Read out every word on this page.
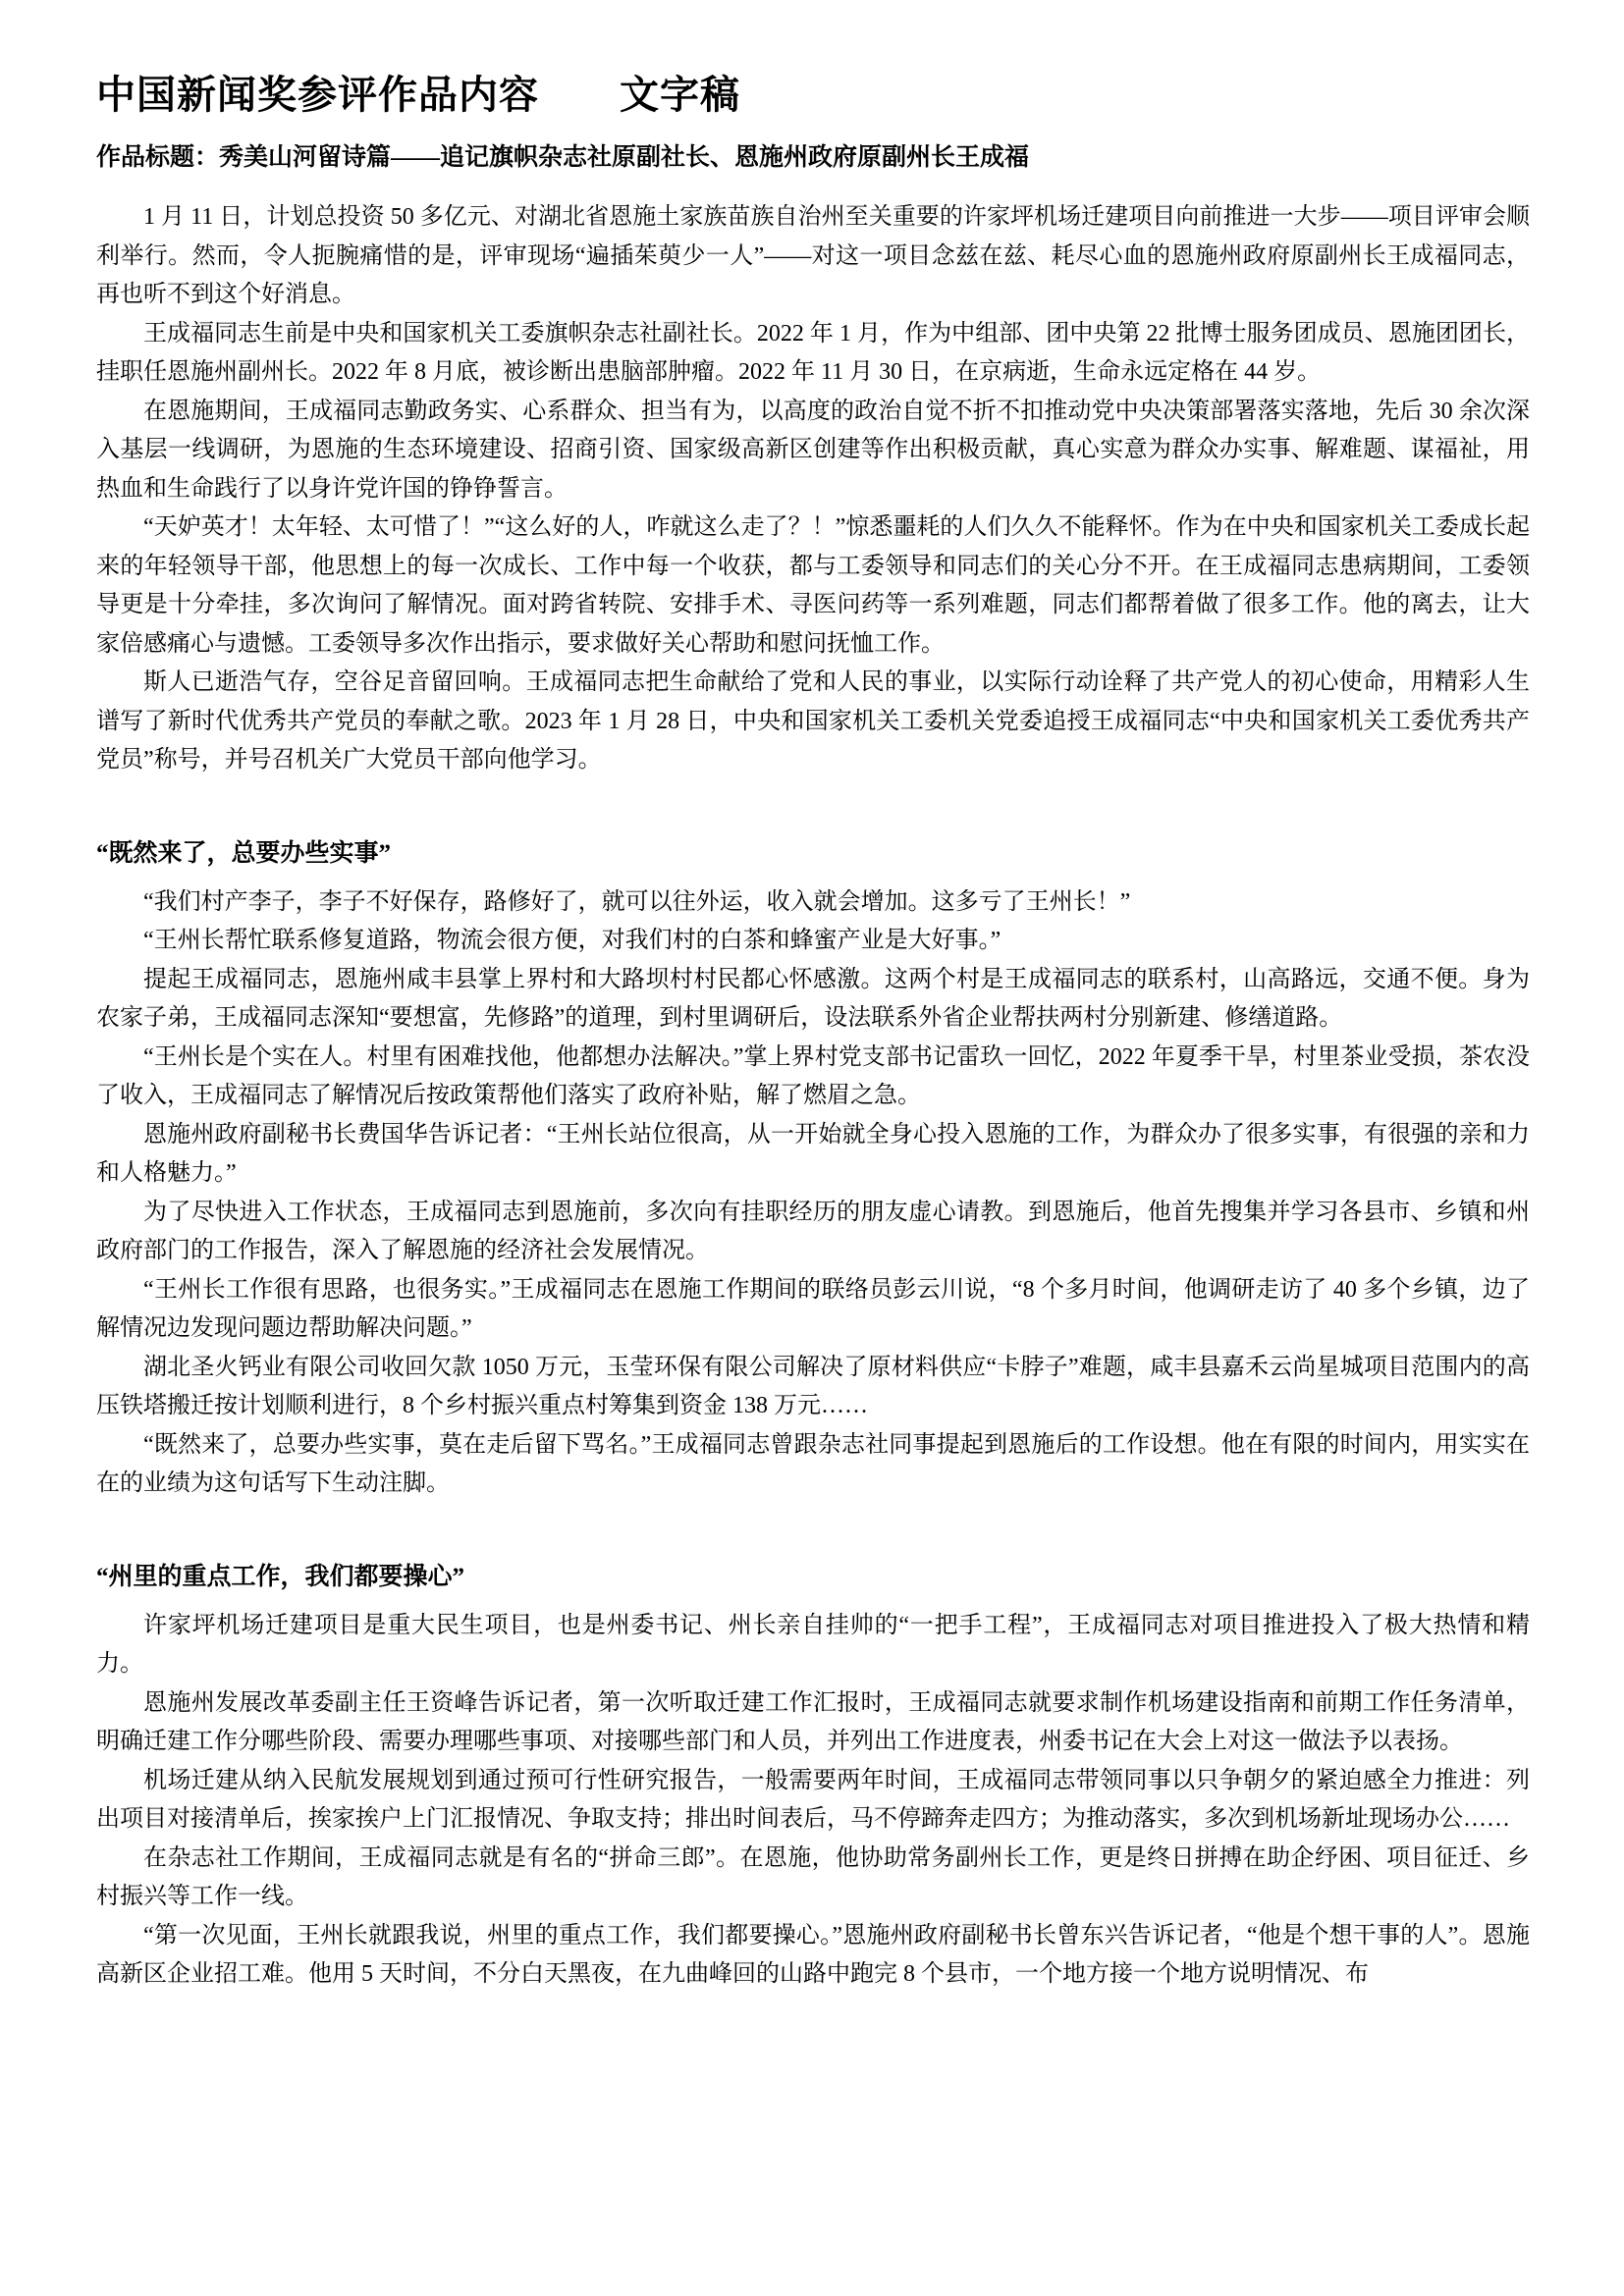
中国新闻奖参评作品内容　　文字稿

作品标题：秀美山河留诗篇——追记旗帜杂志社原副社长、恩施州政府原副州长王成福

1 月 11 日，计划总投资 50 多亿元、对湖北省恩施土家族苗族自治州至关重要的许家坪机场迁建项目向前推进一大步——项目评审会顺利举行。然而，令人扼腕痛惜的是，评审现场“遍插茱萸少一人”——对这一项目念兹在兹、耗尽心血的恩施州政府原副州长王成福同志，再也听不到这个好消息。

王成福同志生前是中央和国家机关工委旗帜杂志社副社长。2022 年 1 月，作为中组部、团中央第 22 批博士服务团成员、恩施团团长，挂职任恩施州副州长。2022 年 8 月底，被诊断出患脑部肿瘤。2022 年 11 月 30 日，在京病逝，生命永远定格在 44 岁。

在恩施期间，王成福同志勤政务实、心系群众、担当有为，以高度的政治自觉不折不扣推动党中央决策部署落实落地，先后 30 余次深入基层一线调研，为恩施的生态环境建设、招商引资、国家级高新区创建等作出积极贡献，真心实意为群众办实事、解难题、谋福祉，用热血和生命践行了以身许党许国的铮铮誓言。

“天妒英才！太年轻、太可惜了！”“这么好的人，咋就这么走了？！”惊悉噩耗的人们久久不能释怀。作为在中央和国家机关工委成长起来的年轻领导干部，他思想上的每一次成长、工作中每一个收获，都与工委领导和同志们的关心分不开。在王成福同志患病期间，工委领导更是十分牵挂，多次询问了解情况。面对跨省转院、安排手术、寻医问药等一系列难题，同志们都帮着做了很多工作。他的离去，让大家倍感痛心与遗憾。工委领导多次作出指示，要求做好关心帮助和慰问抚恤工作。

斯人已逝浩气存，空谷足音留回响。王成福同志把生命献给了党和人民的事业，以实际行动诠释了共产党人的初心使命，用精彩人生谱写了新时代优秀共产党员的奉献之歌。2023 年 1 月 28 日，中央和国家机关工委机关党委追授王成福同志“中央和国家机关工委优秀共产党员”称号，并号召机关广大党员干部向他学习。

“既然来了，总要办些实事”

“我们村产李子，李子不好保存，路修好了，就可以往外运，收入就会增加。这多亏了王州长！”

“王州长帮忙联系修复道路，物流会很方便，对我们村的白茶和蜂蜜产业是大好事。”

提起王成福同志，恩施州咸丰县掌上界村和大路坝村村民都心怀感激。这两个村是王成福同志的联系村，山高路远，交通不便。身为农家子弟，王成福同志深知“要想富，先修路”的道理，到村里调研后，设法联系外省企业帮扶两村分别新建、修缮道路。

“王州长是个实在人。村里有困难找他，他都想办法解决。”掌上界村党支部书记雷玖一回忆，2022 年夏季干旱，村里茶业受损，茶农没了收入，王成福同志了解情况后按政策帮他们落实了政府补贴，解了燃眉之急。

恩施州政府副秘书长费国华告诉记者：“王州长站位很高，从一开始就全身心投入恩施的工作，为群众办了很多实事，有很强的亲和力和人格魅力。”

为了尽快进入工作状态，王成福同志到恩施前，多次向有挂职经历的朋友虚心请教。到恩施后，他首先搜集并学习各县市、乡镇和州政府部门的工作报告，深入了解恩施的经济社会发展情况。

“王州长工作很有思路，也很务实。”王成福同志在恩施工作期间的联络员彭云川说，“8 个多月时间，他调研走访了 40 多个乡镇，边了解情况边发现问题边帮助解决问题。”

湖北圣火钙业有限公司收回欠款 1050 万元，玉莹环保有限公司解决了原材料供应“卡脖子”难题，咸丰县嘉禾云尚星城项目范围内的高压铁塔搬迁按计划顺利进行，8 个乡村振兴重点村筹集到资金 138 万元……

“既然来了，总要办些实事，莫在走后留下骂名。”王成福同志曾跟杂志社同事提起到恩施后的工作设想。他在有限的时间内，用实实在在的业绩为这句话写下生动注脚。

“州里的重点工作，我们都要操心”

许家坪机场迁建项目是重大民生项目，也是州委书记、州长亲自挂帅的“一把手工程”，王成福同志对项目推进投入了极大热情和精力。

恩施州发展改革委副主任王资峰告诉记者，第一次听取迁建工作汇报时，王成福同志就要求制作机场建设指南和前期工作任务清单，明确迁建工作分哪些阶段、需要办理哪些事项、对接哪些部门和人员，并列出工作进度表，州委书记在大会上对这一做法予以表扬。

机场迁建从纳入民航发展规划到通过预可行性研究报告，一般需要两年时间，王成福同志带领同事以只争朝夕的紧迫感全力推进：列出项目对接清单后，挨家挨户上门汇报情况、争取支持；排出时间表后，马不停蹄奔走四方；为推动落实，多次到机场新址现场办公……

在杂志社工作期间，王成福同志就是有名的“拼命三郎”。在恩施，他协助常务副州长工作，更是终日拼搏在助企纾困、项目征迁、乡村振兴等工作一线。

“第一次见面，王州长就跟我说，州里的重点工作，我们都要操心。”恩施州政府副秘书长曾东兴告诉记者，“他是个想干事的人”。恩施高新区企业招工难。他用 5 天时间，不分白天黑夜，在九曲峰回的山路中跑完 8 个县市，一个地方接一个地方说明情况、布
